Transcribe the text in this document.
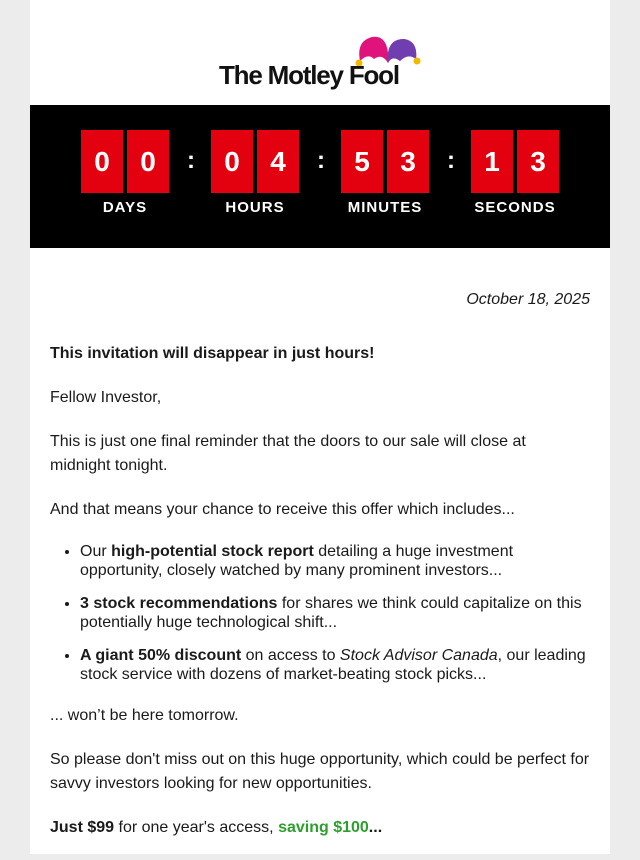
The Motley Fool
0	0	:	0	4	:	5	3	:	1	3
DAYS	HOURS	MINUTES	SECONDS
October 18, 2025

This invitation will disappear in just hours!

Fellow Investor,

This is just one final reminder that the doors to our sale will close at midnight tonight.

And that means your chance to receive this offer which includes...

• Our high-potential stock report detailing a huge investment opportunity, closely watched by many prominent investors...
• 3 stock recommendations for shares we think could capitalize on this potentially huge technological shift...
• A giant 50% discount on access to Stock Advisor Canada, our leading stock service with dozens of market-beating stock picks...

... won’t be here tomorrow.

So please don't miss out on this huge opportunity, which could be perfect for savvy investors looking for new opportunities.

Just $99 for one year's access, saving $100...
